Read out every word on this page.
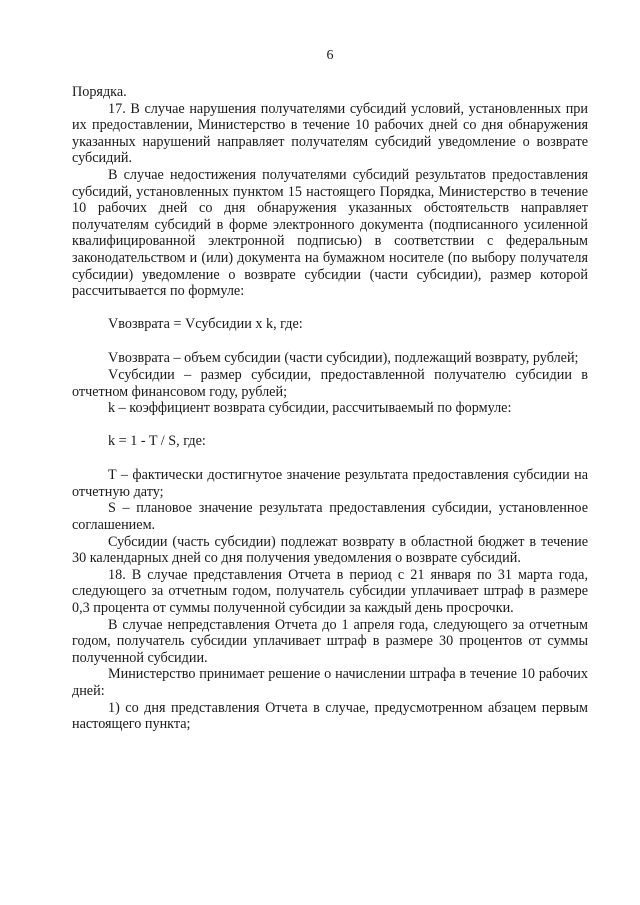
6

Порядка.

17. В случае нарушения получателями субсидий условий, установленных при их предоставлении, Министерство в течение 10 рабочих дней со дня обнаружения указанных нарушений направляет получателям субсидий уведомление о возврате субсидий.

В случае недостижения получателями субсидий результатов предоставления субсидий, установленных пунктом 15 настоящего Порядка, Министерство в течение 10 рабочих дней со дня обнаружения указанных обстоятельств направляет получателям субсидий в форме электронного документа (подписанного усиленной квалифицированной электронной подписью) в соответствии с федеральным законодательством и (или) документа на бумажном носителе (по выбору получателя субсидии) уведомление о возврате субсидии (части субсидии), размер которой рассчитывается по формуле:

Vвозврата = Vсубсидии x k, где:

Vвозврата – объем субсидии (части субсидии), подлежащий возврату, рублей;

Vсубсидии – размер субсидии, предоставленной получателю субсидии в отчетном финансовом году, рублей;

k – коэффициент возврата субсидии, рассчитываемый по формуле:

k = 1 - T / S, где:

T – фактически достигнутое значение результата предоставления субсидии на отчетную дату;

S – плановое значение результата предоставления субсидии, установленное соглашением.

Субсидии (часть субсидии) подлежат возврату в областной бюджет в течение 30 календарных дней со дня получения уведомления о возврате субсидий.

18. В случае представления Отчета в период с 21 января по 31 марта года, следующего за отчетным годом, получатель субсидии уплачивает штраф в размере 0,3 процента от суммы полученной субсидии за каждый день просрочки.

В случае непредставления Отчета до 1 апреля года, следующего за отчетным годом, получатель субсидии уплачивает штраф в размере 30 процентов от суммы полученной субсидии.

Министерство принимает решение о начислении штрафа в течение 10 рабочих дней:

1) со дня представления Отчета в случае, предусмотренном абзацем первым настоящего пункта;
